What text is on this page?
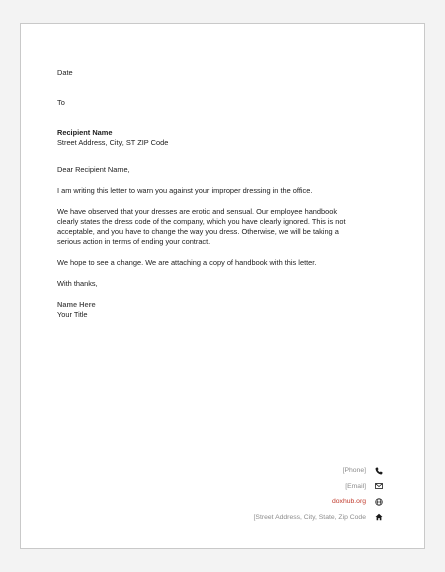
Date

To

Recipient Name

Street Address, City, ST ZIP Code

Dear Recipient Name,

I am writing this letter to warn you against your improper dressing in the office.

We have observed that your dresses are erotic and sensual. Our employee handbook clearly states the dress code of the company, which you have clearly ignored. This is not acceptable, and you have to change the way you dress. Otherwise, we will be taking a serious action in terms of ending your contract.

We hope to see a change. We are attaching a copy of handbook with this letter.

With thanks,

Name Here

Your Title

[Phone]
[Email]
doxhub.org
[Street Address, City, State, Zip Code
